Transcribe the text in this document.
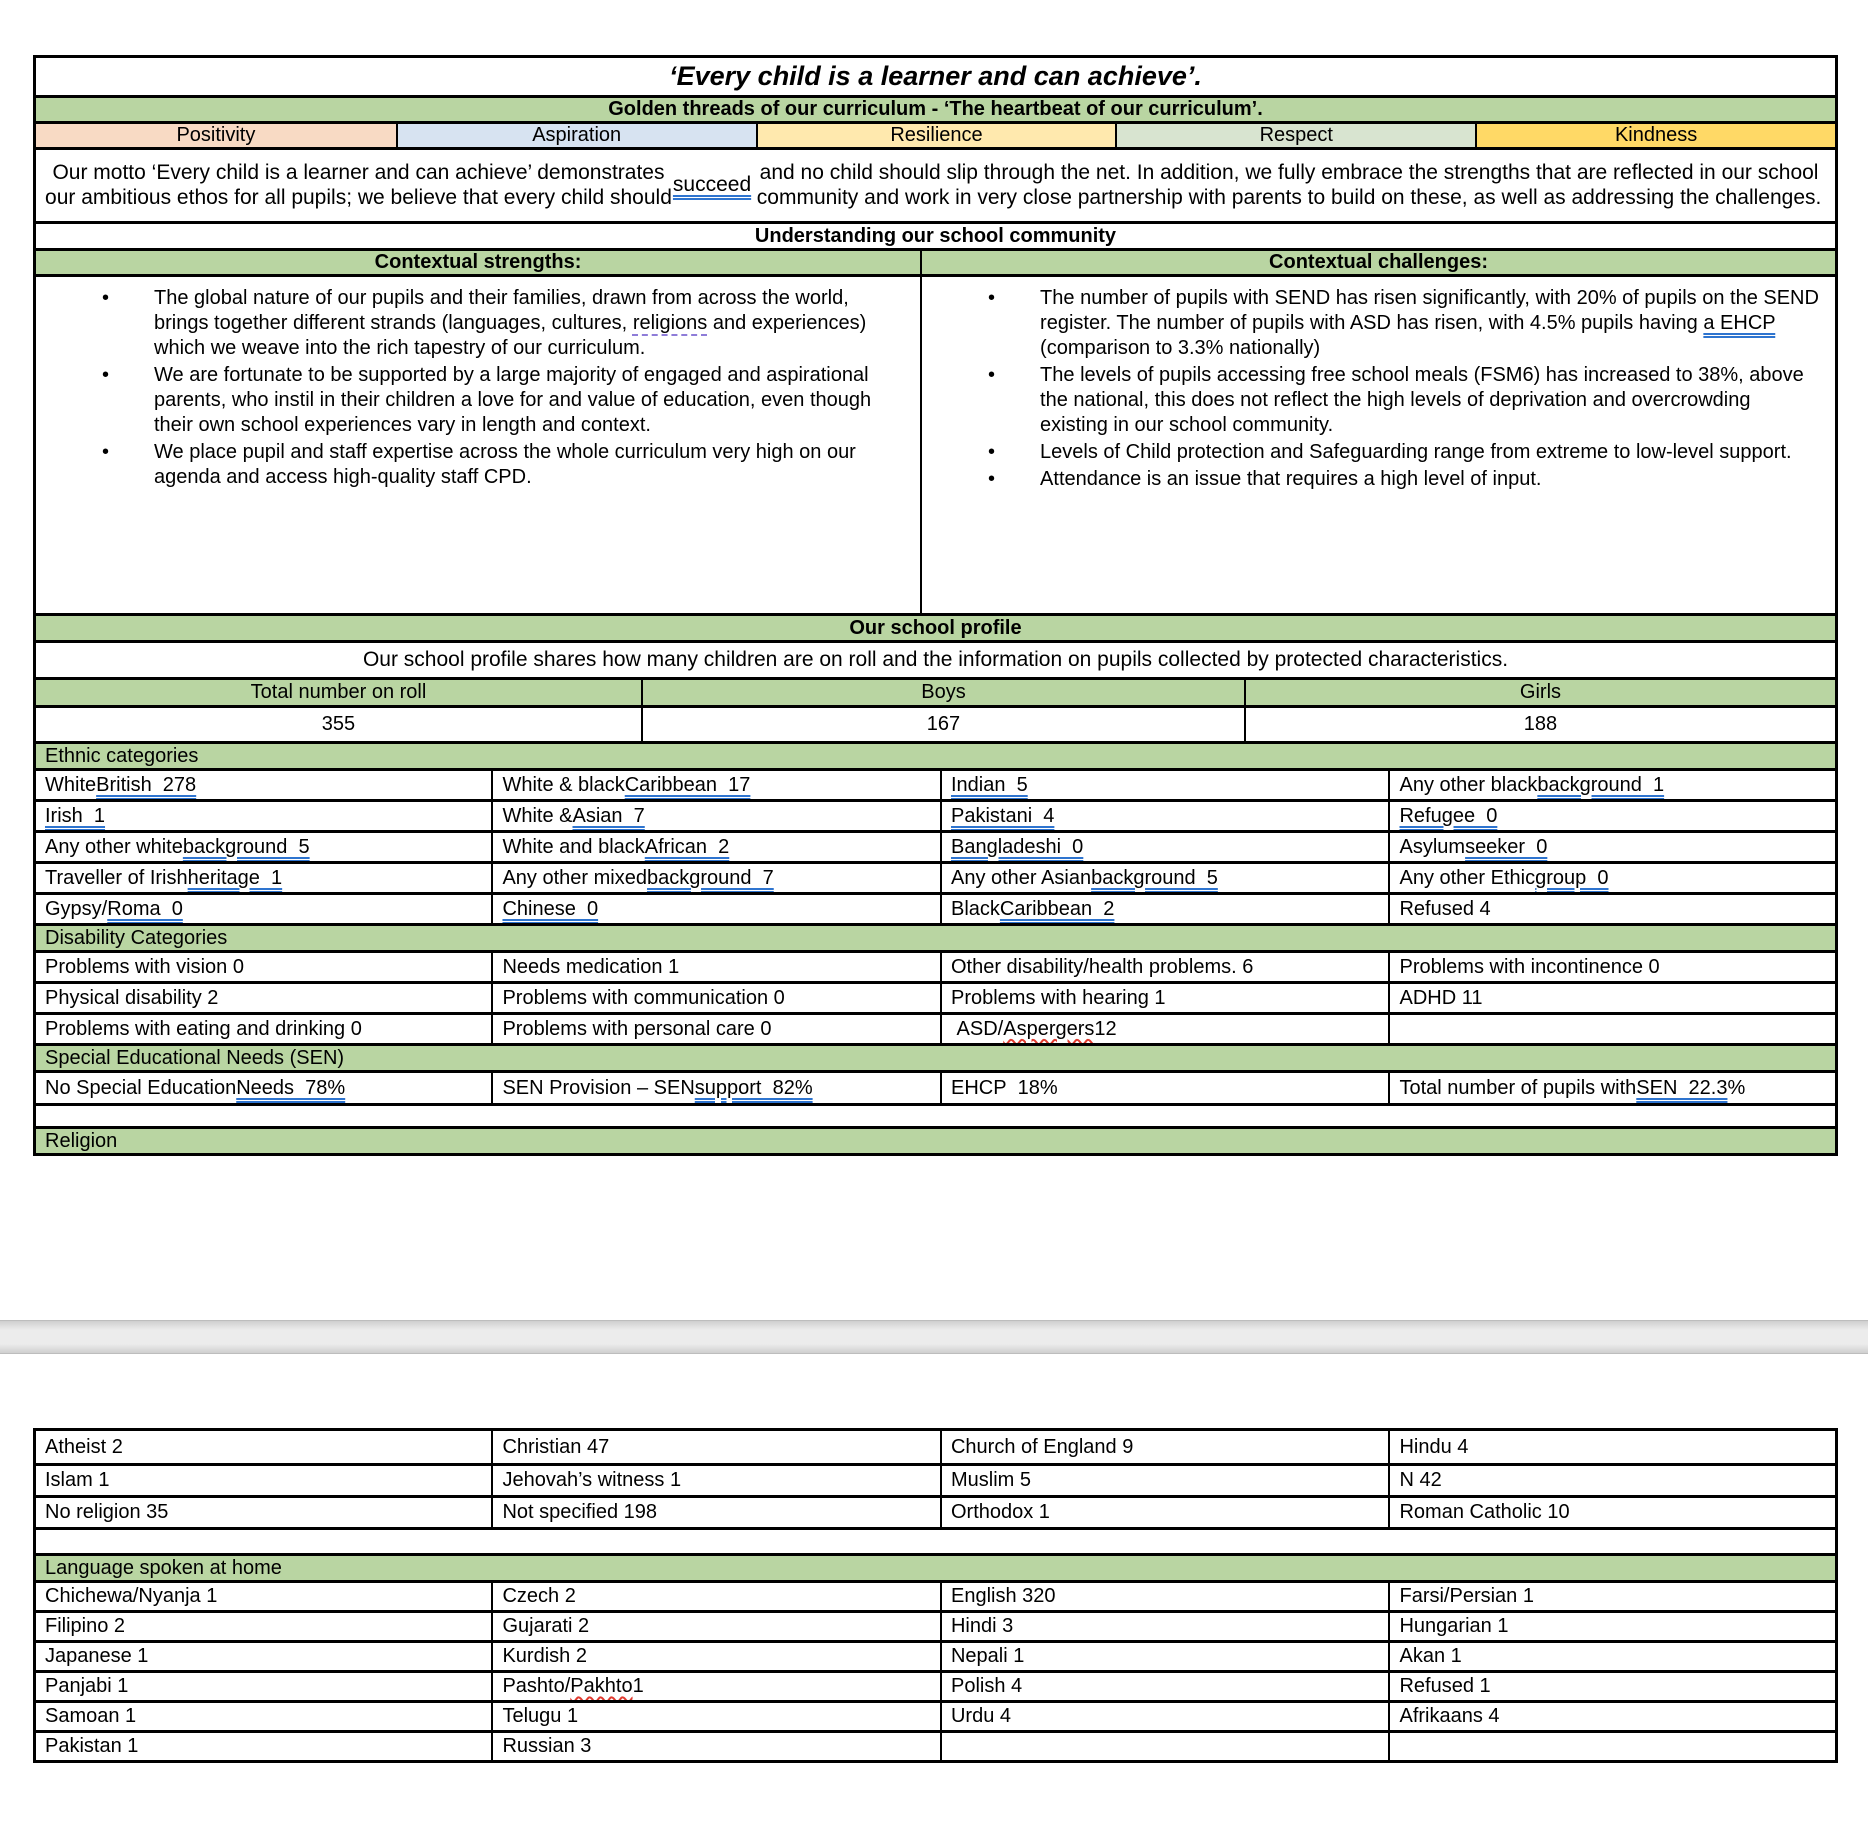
‘Every child is a learner and can achieve’.
Golden threads of our curriculum - ‘The heartbeat of our curriculum’.
Positivity	Aspiration	Resilience	Respect	Kindness
Our motto ‘Every child is a learner and can achieve’ demonstrates our ambitious ethos for all pupils; we believe that every child should
succeed
and no child should slip through the net. In addition, we fully embrace the strengths that are reflected in our school community and work in very close partnership with parents to build on these, as well as addressing the challenges.
Understanding our school community
Contextual strengths:	Contextual challenges:
• The global nature of our pupils and their families, drawn from across the world, brings together different strands (languages, cultures, religions and experiences) which we weave into the rich tapestry of our curriculum.
• We are fortunate to be supported by a large majority of engaged and aspirational parents, who instil in their children a love for and value of education, even though their own school experiences vary in length and context.
• We place pupil and staff expertise across the whole curriculum very high on our agenda and access high-quality staff CPD.
• The number of pupils with SEND has risen significantly, with 20% of pupils on the SEND register. The number of pupils with ASD has risen, with 4.5% pupils having a EHCP (comparison to 3.3% nationally)
• The levels of pupils accessing free school meals (FSM6) has increased to 38%, above the national, this does not reflect the high levels of deprivation and overcrowding existing in our school community.
• Levels of Child protection and Safeguarding range from extreme to low-level support.
• Attendance is an issue that requires a high level of input.
Our school profile
Our school profile shares how many children are on roll and the information on pupils collected by protected characteristics.
Total number on roll	Boys	Girls
355	167	188
Ethnic categories
White British  278	White & black Caribbean  17	Indian  5	Any other black background  1
Irish  1	White & Asian  7	Pakistani  4	Refugee  0
Any other white background  5	White and black African  2	Bangladeshi  0	Asylum seeker  0
Traveller of Irish heritage  1	Any other mixed background  7	Any other Asian background  5	Any other Ethic group  0
Gypsy/ Roma  0	Chinese  0	Black Caribbean  2	Refused 4
Disability Categories
Problems with vision 0	Needs medication 1	Other disability/health problems. 6	Problems with incontinence 0
Physical disability 2	Problems with communication 0	Problems with hearing 1	ADHD 11
Problems with eating and drinking 0	Problems with personal care 0	ASD/ Aspergers 12
Special Educational Needs (SEN)
No Special Education Needs  78%	SEN Provision – SEN support  82%	EHCP  18%	Total number of pupils with SEN  22.3 %
Religion
Atheist 2	Christian 47	Church of England 9	Hindu 4
Islam 1	Jehovah’s witness 1	Muslim 5	N 42
No religion 35	Not specified 198	Orthodox 1	Roman Catholic 10
Language spoken at home
Chichewa/Nyanja 1	Czech 2	English 320	Farsi/Persian 1
Filipino 2	Gujarati 2	Hindi 3	Hungarian 1
Japanese 1	Kurdish 2	Nepali 1	Akan 1
Panjabi 1	Pashto/ Pakhto 1	Polish 4	Refused 1
Samoan 1	Telugu 1	Urdu 4	Afrikaans 4
Pakistan 1	Russian 3
